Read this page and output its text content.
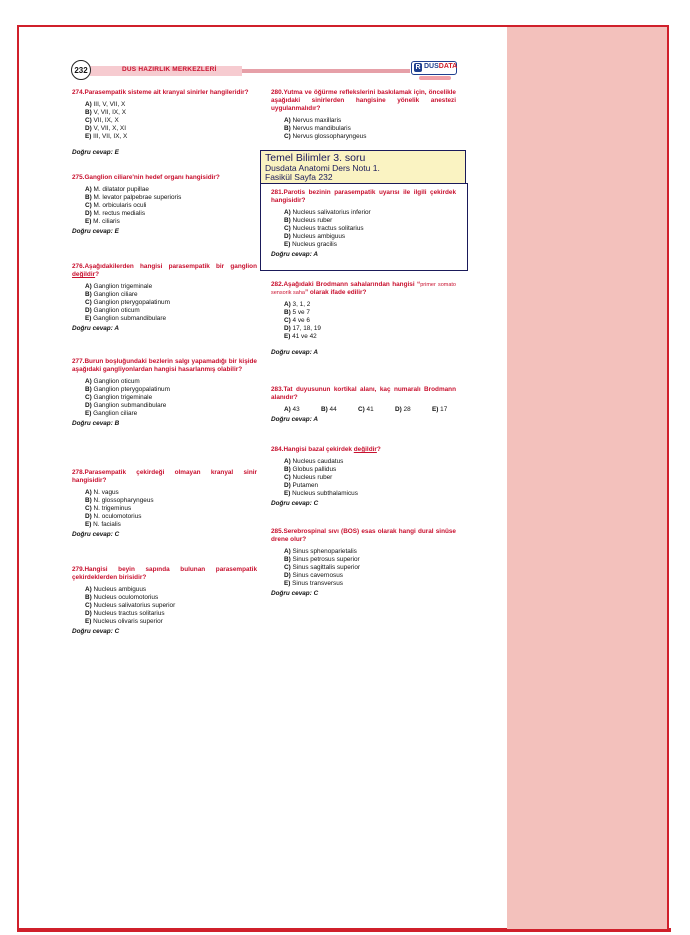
232	DUS HAZIRLIK MERKEZLERİ	R DUSDATA
274.Parasempatik sisteme ait kranyal sinirler hangileridir?
A) III, V, VII, X
B) V, VII, IX, X
C) VII, IX, X
D) V, VII, X, XI
E) III, VII, IX, X
Doğru cevap: E
275.Ganglion ciliare'nin hedef organı hangisidir?
A) M. dilatator pupillae
B) M. levator palpebrae superioris
C) M. orbicularis oculi
D) M. rectus medialis
E) M. ciliaris
Doğru cevap: E
276.Aşağıdakilerden hangisi parasempatik bir ganglion değildir?
A) Ganglion trigeminale
B) Ganglion ciliare
C) Ganglion pterygopalatinum
D) Ganglion oticum
E) Ganglion submandibulare
Doğru cevap: A
277.Burun boşluğundaki bezlerin salgı yapamadığı bir kişide aşağıdaki gangliyonlardan hangisi hasarlanmış olabilir?
A) Ganglion oticum
B) Ganglion pterygopalatinum
C) Ganglion trigeminale
D) Ganglion submandibulare
E) Ganglion ciliare
Doğru cevap: B
278.Parasempatik çekirdeği olmayan kranyal sinir hangisidir?
A) N. vagus
B) N. glossopharyngeus
C) N. trigeminus
D) N. oculomotorius
E) N. facialis
Doğru cevap: C
279.Hangisi beyin sapında bulunan parasempatik çekirdeklerden birisidir?
A) Nucleus ambiguus
B) Nucleus oculomotorius
C) Nucleus salivatorius superior
D) Nucleus tractus solitarius
E) Nucleus olivaris superior
Doğru cevap: C
280.Yutma ve öğürme reflekslerini baskılamak için, öncelikle aşağıdaki sinirlerden hangisine yönelik anestezi uygulanmalıdır?
A) Nervus maxillaris
B) Nervus mandibularis
C) Nervus glossopharyngeus
Temel Bilimler 3. soru
Dusdata Anatomi Ders Notu 1.
Fasikül Sayfa 232
281.Parotis bezinin parasempatik uyarısı ile ilgili çekirdek hangisidir?
A) Nucleus salivatorius inferior
B) Nucleus ruber
C) Nucleus tractus solitarius
D) Nucleus ambiguus
E) Nucleus gracilis
Doğru cevap: A
282.Aşağıdaki Brodmann sahalarından hangisi “primer somato sensorik saha” olarak ifade edilir?
A) 3, 1, 2
B) 5 ve 7
C) 4 ve 6
D) 17, 18, 19
E) 41 ve 42
Doğru cevap: A
283.Tat duyusunun kortikal alanı, kaç numaralı Brodmann alanıdır?
A) 43	B) 44	C) 41	D) 28	E) 17
Doğru cevap: A
284.Hangisi bazal çekirdek değildir?
A) Nucleus caudatus
B) Globus pallidus
C) Nucleus ruber
D) Putamen
E) Nucleus subthalamicus
Doğru cevap: C
285.Serebrospinal sıvı (BOS) esas olarak hangi dural sinüse drene olur?
A) Sinus sphenoparietalis
B) Sinus petrosus superior
C) Sinus sagittalis superior
D) Sinus cavernosus
E) Sinus transversus
Doğru cevap: C
